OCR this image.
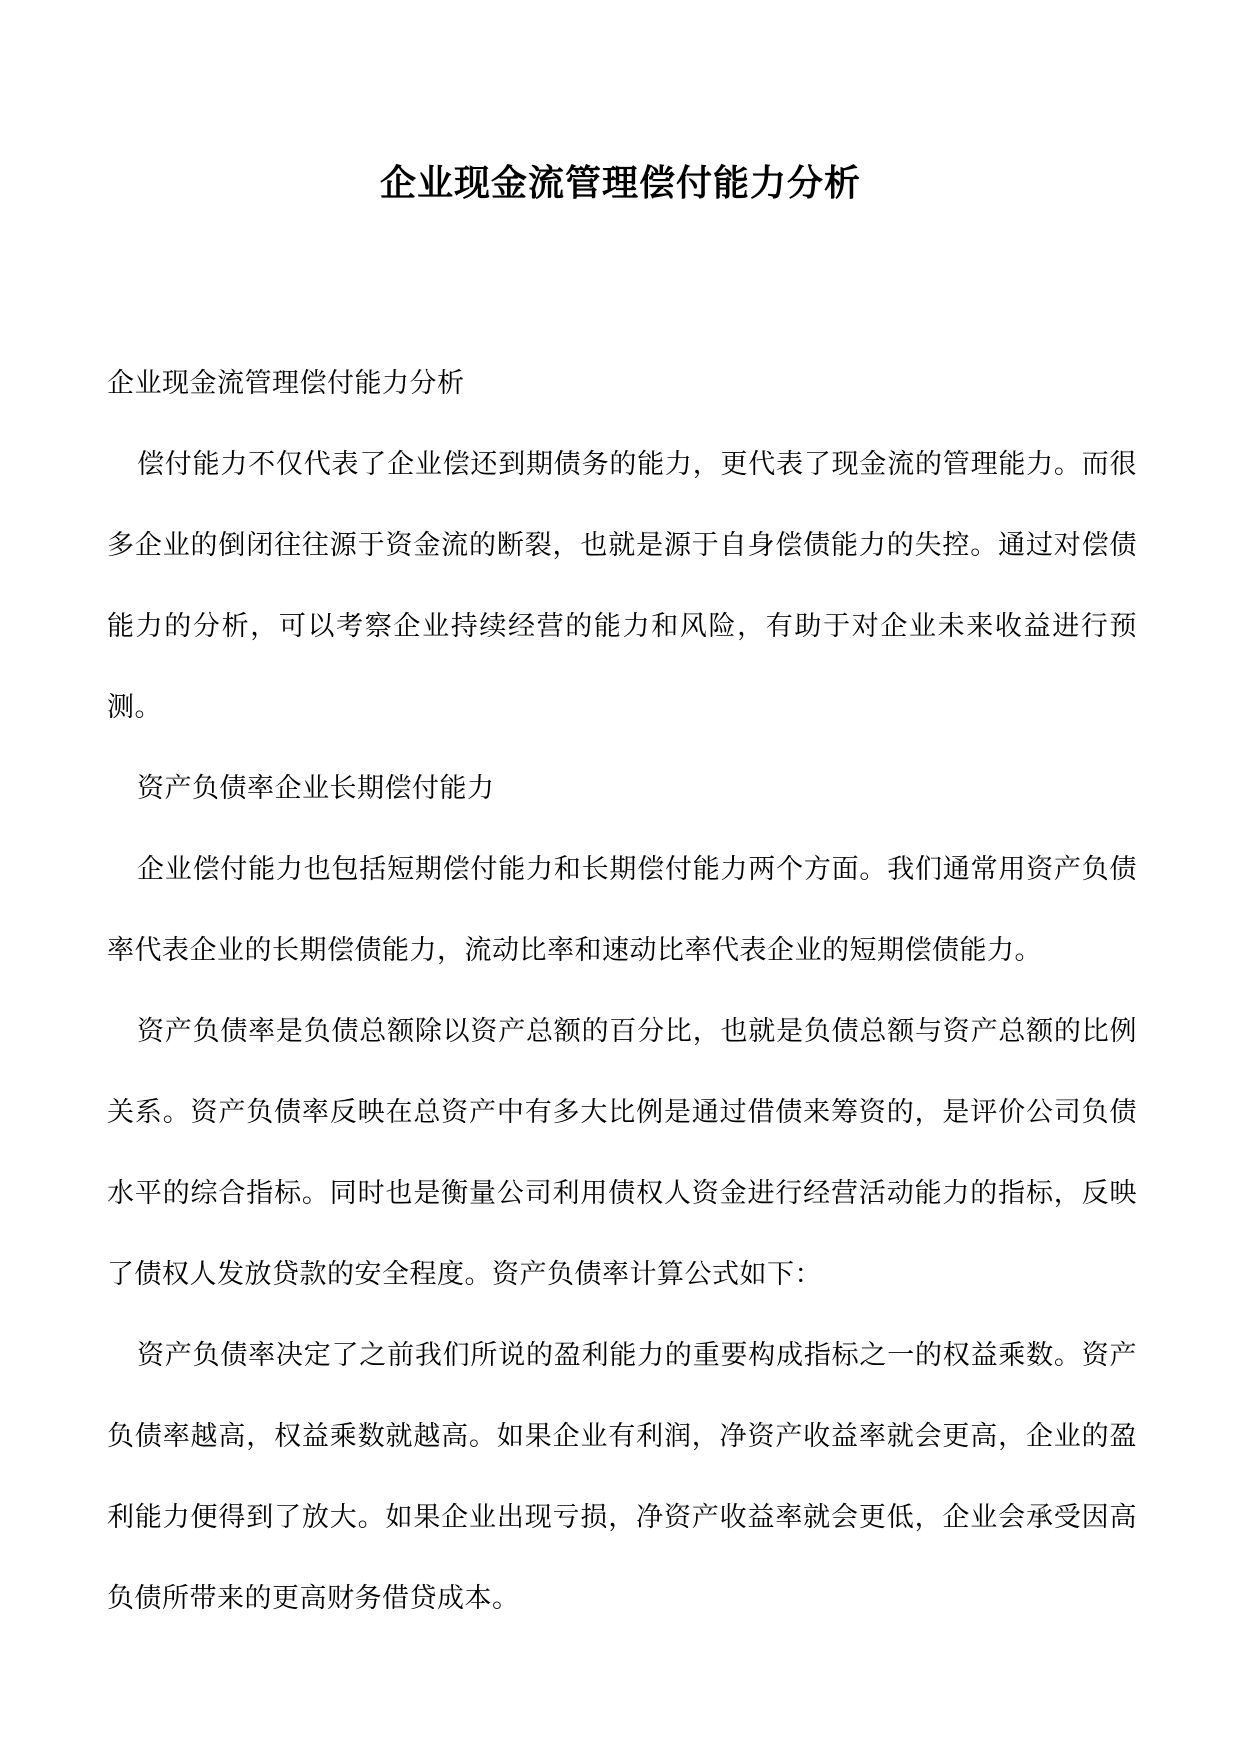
企业现金流管理偿付能力分析

企业现金流管理偿付能力分析

偿付能力不仅代表了企业偿还到期债务的能力，更代表了现金流的管理能力。而很多企业的倒闭往往源于资金流的断裂，也就是源于自身偿债能力的失控。通过对偿债能力的分析，可以考察企业持续经营的能力和风险，有助于对企业未来收益进行预测。

资产负债率企业长期偿付能力

企业偿付能力也包括短期偿付能力和长期偿付能力两个方面。我们通常用资产负债率代表企业的长期偿债能力，流动比率和速动比率代表企业的短期偿债能力。

资产负债率是负债总额除以资产总额的百分比，也就是负债总额与资产总额的比例关系。资产负债率反映在总资产中有多大比例是通过借债来筹资的，是评价公司负债水平的综合指标。同时也是衡量公司利用债权人资金进行经营活动能力的指标，反映了债权人发放贷款的安全程度。资产负债率计算公式如下：

资产负债率决定了之前我们所说的盈利能力的重要构成指标之一的权益乘数。资产负债率越高，权益乘数就越高。如果企业有利润，净资产收益率就会更高，企业的盈利能力便得到了放大。如果企业出现亏损，净资产收益率就会更低，企业会承受因高负债所带来的更高财务借贷成本。
